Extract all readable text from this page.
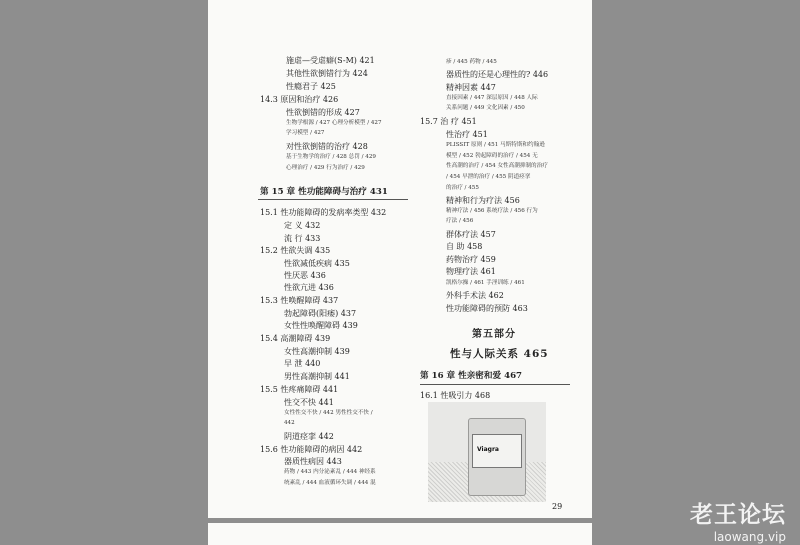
施虐—受虐癖(S-M) 421
其他性欲倒错行为 424
性瘾君子 425
14.3 原因和治疗 426
性欲倒错的形成 427
生物学根源 / 427 心理分析模型 / 427
学习模型 / 427
对性欲倒错的治疗 428
基于生物学的治疗 / 428 总罚 / 429
心理治疗 / 429 行为治疗 / 429
第 15 章 性功能障碍与治疗 431
15.1 性功能障碍的发病率类型 432
定 义 432
流 行 433
15.2 性欲失调 435
性欲减低疾病 435
性厌恶 436
性欲亢进 436
15.3 性唤醒障碍 437
勃起障碍(阳痿) 437
女性性唤醒障碍 439
15.4 高潮障碍 439
女性高潮抑制 439
早 泄 440
男性高潮抑制 441
15.5 性疼痛障碍 441
性交不快 441
女性性交不快 / 442 男性性交不快 /
442
阴道痉挛 442
15.6 性功能障碍的病因 442
器质性病因 443
药物 / 443 内分泌紊乱 / 444 神经系
统紊乱 / 444 血液循环失调 / 444 混
疹 / 445 药物 / 445
器质性的还是心理性的? 446
精神因素 447
直接因素 / 447 深层原因 / 448 人际
关系问题 / 449 文化因素 / 450
15.7 治 疗 451
性治疗 451
PLISSIT 原则 / 451 马斯特斯和约翰逊
模型 / 452 勃起障碍的治疗 / 454 无
性高潮的治疗 / 454 女性高潮抑制的治疗
/ 454 早泄的治疗 / 455 阴道痉挛
的治疗 / 455
精神和行为疗法 456
精神疗法 / 456 系统疗法 / 456 行为
疗法 / 456
群体疗法 457
自 助 458
药物治疗 459
物理疗法 461
凯格尔操 / 461 手淫训练 / 461
外科手术法 462
性功能障碍的预防 463
第五部分
性与人际关系 465
第 16 章 性亲密和爱 467
16.1 性吸引力 468
Viagra
29	老王论坛
laowang.vip
